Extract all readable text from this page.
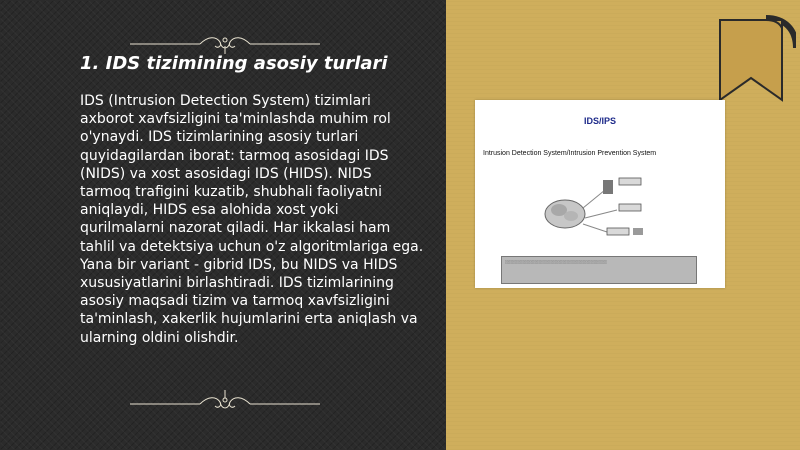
1. IDS tizimining asosiy turlari

IDS (Intrusion Detection System) tizimlari axborot xavfsizligini ta'minlashda muhim rol o'ynaydi. IDS tizimlarining asosiy turlari quyidagilardan iborat: tarmoq asosidagi IDS (NIDS) va xost asosidagi IDS (HIDS). NIDS tarmoq trafigini kuzatib, shubhali faoliyatni aniqlaydi, HIDS esa alohida xost yoki qurilmalarni nazorat qiladi. Har ikkalasi ham tahlil va detektsiya uchun o'z algoritmlariga ega. Yana bir variant - gibrid IDS, bu NIDS va HIDS xususiyatlarini birlashtiradi. IDS tizimlarining asosiy maqsadi tizim va tarmoq xavfsizligini ta'minlash, xakerlik hujumlarini erta aniqlash va ularning oldini olishdir.

IDS/IPS
Intrusion Detection System/Intrusion Prevention System
░░░░░░░░░░░░░░░░░░░░░░░░░░░░░░░░░░░░░░░░
